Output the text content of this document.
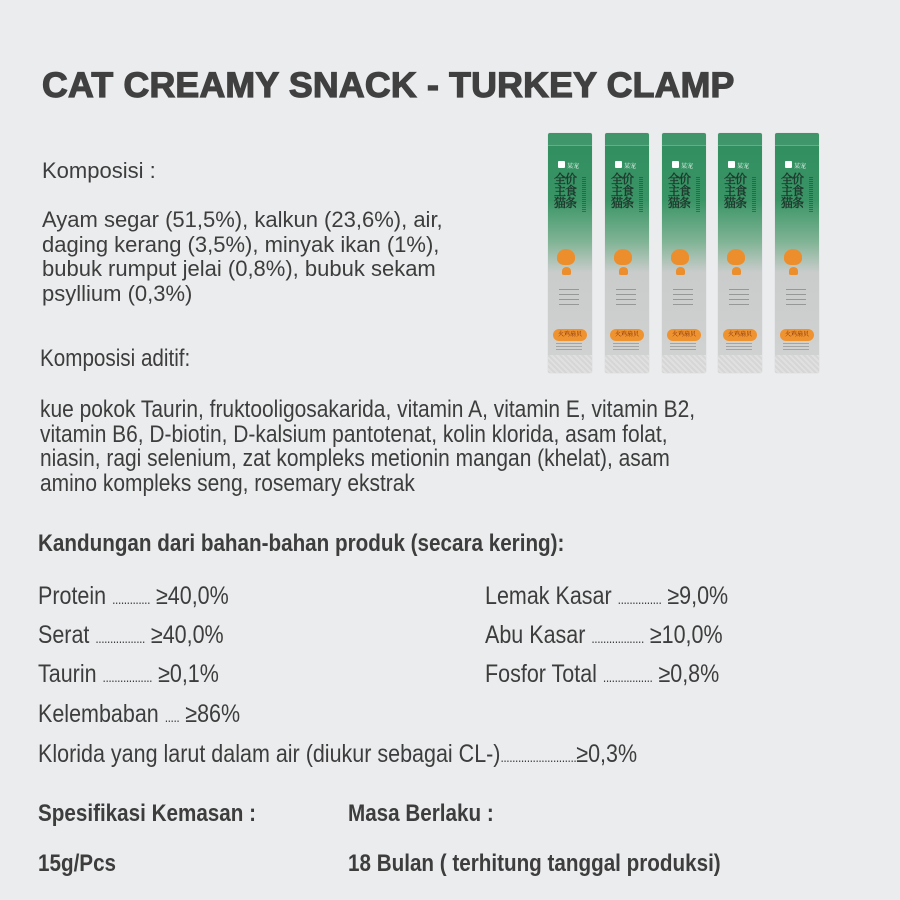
CAT CREAMY SNACK - TURKEY CLAMP
Komposisi :
Ayam segar (51,5%), kalkun (23,6%), air,
daging kerang (3,5%), minyak ikan (1%),
bubuk rumput jelai (0,8%), bubuk sekam
psyllium (0,3%)
某宠
全价主食猫条
火鸡扇贝
某宠
全价主食猫条
火鸡扇贝
某宠
全价主食猫条
火鸡扇贝
某宠
全价主食猫条
火鸡扇贝
某宠
全价主食猫条
火鸡扇贝
Komposisi aditif:
kue pokok Taurin, fruktooligosakarida, vitamin A, vitamin E, vitamin B2,
vitamin B6, D-biotin, D-kalsium pantotenat, kolin klorida, asam folat,
niasin, ragi selenium, zat kompleks metionin mangan (khelat), asam
amino kompleks seng, rosemary ekstrak
Kandungan dari bahan-bahan produk (secara kering):
Protein ............. ≥40,0%
Serat ................. ≥40,0%
Taurin ................. ≥0,1%
Kelembaban ..... ≥86%
Lemak Kasar ............... ≥9,0%
Abu Kasar .................. ≥10,0%
Fosfor Total ................. ≥0,8%
Klorida yang larut dalam air (diukur sebagai CL-)..........................≥0,3%
Spesifikasi Kemasan :	Masa Berlaku :
15g/Pcs	18 Bulan ( terhitung tanggal produksi)
